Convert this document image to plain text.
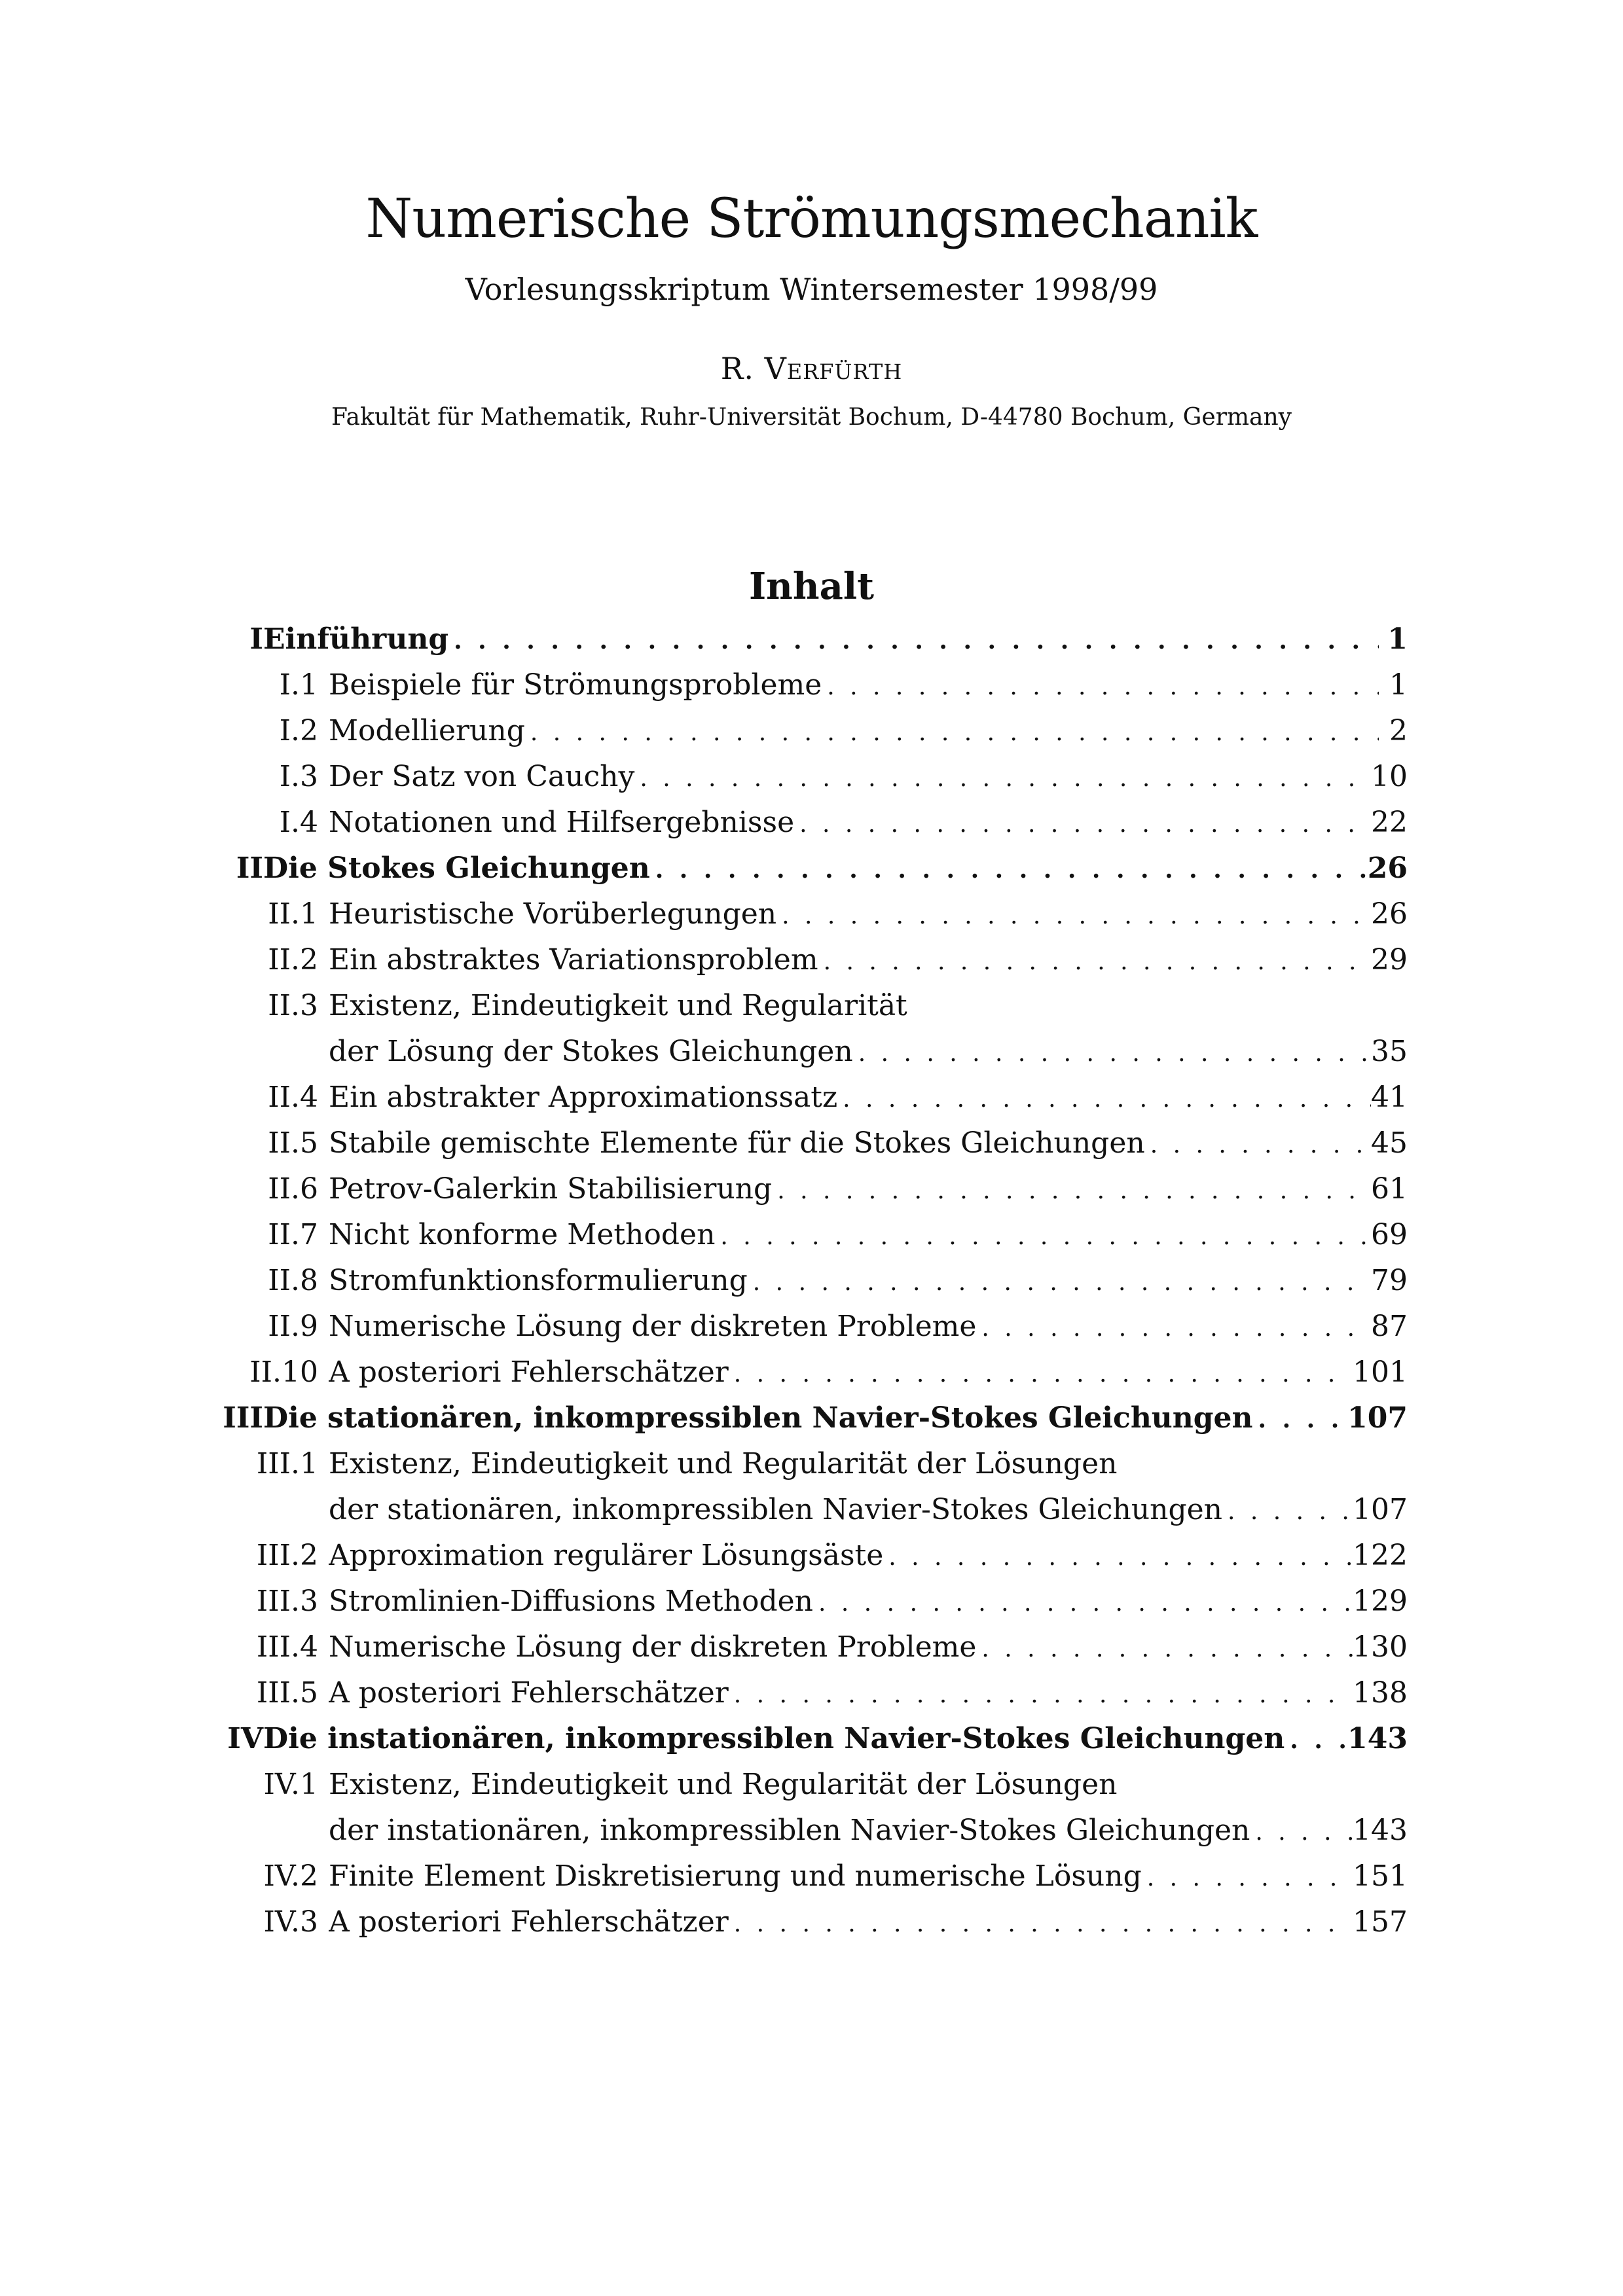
Numerische Strömungsmechanik
Vorlesungsskriptum Wintersemester 1998/99
R. Verfürth
Fakultät für Mathematik, Ruhr-Universität Bochum, D-44780 Bochum, Germany
Inhalt
I Einführung . . .	1
I.1 Beispiele für Strömungsprobleme . . .	1
I.2 Modellierung . . .	2
I.3 Der Satz von Cauchy . . .	10
I.4 Notationen und Hilfsergebnisse . . .	22
II Die Stokes Gleichungen . . .	26
II.1 Heuristische Vorüberlegungen . . .	26
II.2 Ein abstraktes Variationsproblem . . .	29
II.3 Existenz, Eindeutigkeit und Regularität
der Lösung der Stokes Gleichungen . . .	35
II.4 Ein abstrakter Approximationssatz . . .	41
II.5 Stabile gemischte Elemente für die Stokes Gleichungen . . .	45
II.6 Petrov-Galerkin Stabilisierung . . .	61
II.7 Nicht konforme Methoden . . .	69
II.8 Stromfunktionsformulierung . . .	79
II.9 Numerische Lösung der diskreten Probleme . . .	87
II.10 A posteriori Fehlerschätzer . . .	101
III Die stationären, inkompressiblen Navier-Stokes Gleichungen . . .	107
III.1 Existenz, Eindeutigkeit und Regularität der Lösungen
der stationären, inkompressiblen Navier-Stokes Gleichungen . . .	107
III.2 Approximation regulärer Lösungsäste . . .	122
III.3 Stromlinien-Diffusions Methoden . . .	129
III.4 Numerische Lösung der diskreten Probleme . . .	130
III.5 A posteriori Fehlerschätzer . . .	138
IV Die instationären, inkompressiblen Navier-Stokes Gleichungen . . . 143
IV.1 Existenz, Eindeutigkeit und Regularität der Lösungen
der instationären, inkompressiblen Navier-Stokes Gleichungen . . .	143
IV.2 Finite Element Diskretisierung und numerische Lösung . . .	151
IV.3 A posteriori Fehlerschätzer . . .	157
